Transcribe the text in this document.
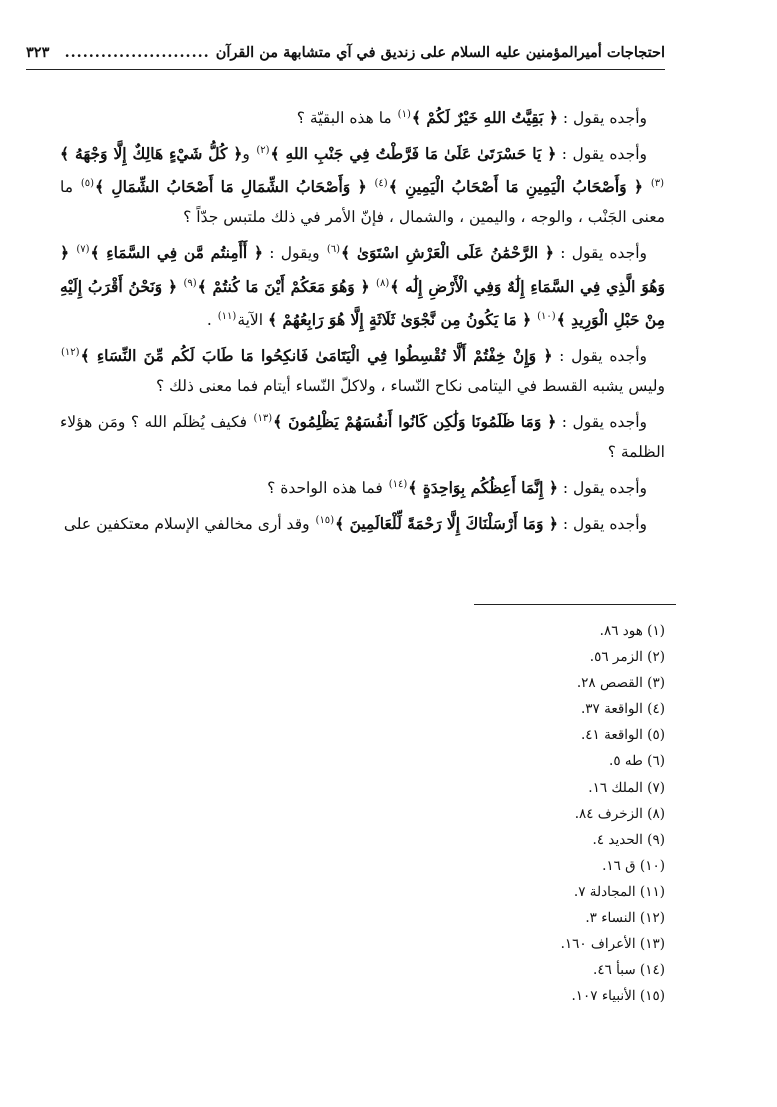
احتجاجات أميرالمؤمنين عليه السلام على زنديق في آي متشابهة من القرآن
........................
٣٢٣

وأجده يقول : ﴿ بَقِيَّتُ اللهِ خَيْرٌ لَكُمْ ﴾$^{(١)}$ ما هذه البقيّة ؟

وأجده يقول : ﴿ يَا حَسْرَتَىٰ عَلَىٰ مَا فَرَّطْتُ فِي جَنْبِ اللهِ ﴾$^{(٢)}$ و﴿ كُلُّ شَيْءٍ هَالِكٌ إِلَّا وَجْهَهُ ﴾$^{(٣)}$ ﴿ وَأَصْحَابُ الْيَمِينِ مَا أَصْحَابُ الْيَمِينِ ﴾$^{(٤)}$ ﴿ وَأَصْحَابُ الشِّمَالِ مَا أَصْحَابُ الشِّمَالِ ﴾$^{(٥)}$ ما معنى الجَنْب ، والوجه ، واليمين ، والشمال ، فإنّ الأمر في ذلك ملتبس جدّاً ؟

وأجده يقول : ﴿ الرَّحْمَٰنُ عَلَى الْعَرْشِ اسْتَوَىٰ ﴾$^{(٦)}$ ويقول : ﴿ أَأَمِنتُم مَّن فِي السَّمَاءِ ﴾$^{(٧)}$ ﴿ وَهُوَ الَّذِي فِي السَّمَاءِ إِلَٰهٌ وَفِي الْأَرْضِ إِلَٰه ﴾$^{(٨)}$ ﴿ وَهُوَ مَعَكُمْ أَيْنَ مَا كُنتُمْ ﴾$^{(٩)}$ ﴿ وَنَحْنُ أَقْرَبُ إِلَيْهِ مِنْ حَبْلِ الْوَرِيدِ ﴾$^{(١٠)}$ ﴿ مَا يَكُونُ مِن نَّجْوَىٰ ثَلَاثَةٍ إِلَّا هُوَ رَابِعُهُمْ ﴾ الآية$^{(١١)}$ .

وأجده يقول : ﴿ وَإِنْ خِفْتُمْ أَلَّا تُقْسِطُوا فِي الْيَتَامَىٰ فَانكِحُوا مَا طَابَ لَكُم مِّنَ النِّسَاءِ ﴾$^{(١٢)}$ وليس يشبه القسط في اليتامى نكاح النّساء ، ولاكلّ النّساء أيتام فما معنى ذلك ؟

وأجده يقول : ﴿ وَمَا ظَلَمُونَا وَلَٰكِن كَانُوا أَنفُسَهُمْ يَظْلِمُونَ ﴾$^{(١٣)}$ فكيف يُظلَم الله ؟ ومَن هؤلاء الظلمة ؟

وأجده يقول : ﴿ إِنَّمَا أَعِظُكُم بِوَاحِدَةٍ ﴾$^{(١٤)}$ فما هذه الواحدة ؟

وأجده يقول : ﴿ وَمَا أَرْسَلْنَاكَ إِلَّا رَحْمَةً لِّلْعَالَمِينَ ﴾$^{(١٥)}$ وقد أرى مخالفي الإسلام معتكفين على

(١) هود ٨٦.
(٢) الزمر ٥٦.
(٣) القصص ٢٨.
(٤) الواقعة ٣٧.
(٥) الواقعة ٤١.
(٦) طه ٥.
(٧) الملك ١٦.
(٨) الزخرف ٨٤.
(٩) الحديد ٤.
(١٠) ق ١٦.
(١١) المجادلة ٧.
(١٢) النساء ٣.
(١٣) الأعراف ١٦٠.
(١٤) سبأ ٤٦.
(١٥) الأنبياء ١٠٧.
